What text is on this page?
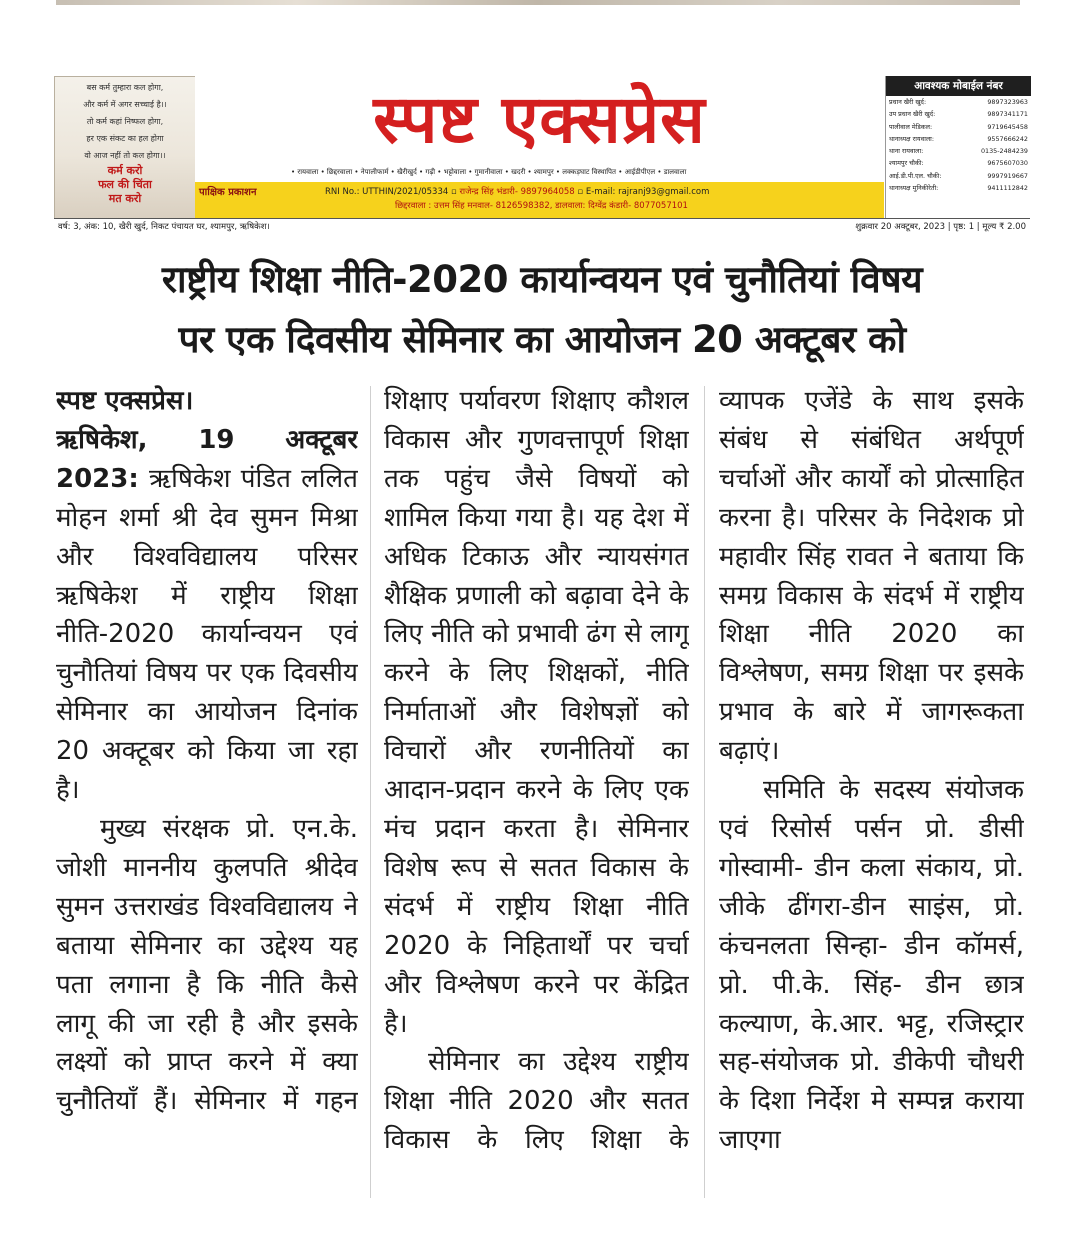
बस कर्म तुम्हारा कल होगा,
और कर्म में अगर सच्चाई है।।
तो कर्म कहां निष्फल होगा,
हर एक संकट का हल होगा
वो आज नहीं तो कल होगा।।
कर्म करो
फल की चिंता
मत करो
स्पष्ट एक्सप्रेस
• रायवाला • छिद्दरवाला • नेपालीफार्म • खैरीखुर्द • गढ़ी • भट्टोवाला • गुमानीवाला • खदरी • श्यामपुर • लक्कड़घाट विस्थापित • आईडीपीएल • डालवाला
पाक्षिक प्रकाशन	RNI No.: UTTHIN/2021/05334 ▫ राजेन्द्र सिंह भंडारी- 9897964058 ▫ E-mail: rajranj93@gmail.com
छिद्दरवाला : उत्तम सिंह मनवाल- 8126598382, डालवाला: दिग्वेंद्र कंडारी- 8077057101
आवश्यक मोबाईल नंबर
प्रधान खैरी खुर्द:	9897323963
उप प्रधान खैरी खुर्द:	9897341171
पालीवाल मेडिकल:	9719645458
थानाध्यक्ष रायवाला:	9557666242
थाना रायवाला:	0135-2484239
श्यामपुर चौकी:	9675607030
आई.डी.पी.एल. चौकी:	9997919667
थानाध्यक्ष मुनिकीरेती:	9411112842
वर्ष: 3, अंक: 10, खैरी खुर्द, निकट पंचायत घर, श्यामपुर, ऋषिकेश।	शुक्रवार 20 अक्टूबर, 2023 | पृष्ठ: 1 | मूल्य ₹ 2.00
राष्ट्रीय शिक्षा नीति-2020 कार्यान्वयन एवं चुनौतियां विषय
पर एक दिवसीय सेमिनार का आयोजन 20 अक्टूबर को

स्पष्ट एक्सप्रेस।

ऋषिकेश, 19 अक्टूबर 2023: ऋषिकेश पंडित ललित मोहन शर्मा श्री देव सुमन मिश्रा और विश्वविद्यालय परिसर ऋषिकेश में राष्ट्रीय शिक्षा नीति-2020 कार्यान्वयन एवं चुनौतियां विषय पर एक दिवसीय सेमिनार का आयोजन दिनांक 20 अक्टूबर को किया जा रहा है।

मुख्य संरक्षक प्रो. एन.के. जोशी माननीय कुलपति श्रीदेव सुमन उत्तराखंड विश्वविद्यालय ने बताया सेमिनार का उद्देश्य यह पता लगाना है कि नीति कैसे लागू की जा रही है और इसके लक्ष्यों को प्राप्त करने में क्या चुनौतियाँ हैं। सेमिनार में गहन

शिक्षाए पर्यावरण शिक्षाए कौशल विकास और गुणवत्तापूर्ण शिक्षा तक पहुंच जैसे विषयों को शामिल किया गया है। यह देश में अधिक टिकाऊ और न्यायसंगत शैक्षिक प्रणाली को बढ़ावा देने के लिए नीति को प्रभावी ढंग से लागू करने के लिए शिक्षकों, नीति निर्माताओं और विशेषज्ञों को विचारों और रणनीतियों का आदान-प्रदान करने के लिए एक मंच प्रदान करता है। सेमिनार विशेष रूप से सतत विकास के संदर्भ में राष्ट्रीय शिक्षा नीति 2020 के निहितार्थों पर चर्चा और विश्लेषण करने पर केंद्रित है।

सेमिनार का उद्देश्य राष्ट्रीय शिक्षा नीति 2020 और सतत विकास के लिए शिक्षा के

व्यापक एजेंडे के साथ इसके संबंध से संबंधित अर्थपूर्ण चर्चाओं और कार्यों को प्रोत्साहित करना है। परिसर के निदेशक प्रो महावीर सिंह रावत ने बताया कि समग्र विकास के संदर्भ में राष्ट्रीय शिक्षा नीति 2020 का विश्लेषण, समग्र शिक्षा पर इसके प्रभाव के बारे में जागरूकता बढ़ाएं।

समिति के सदस्य संयोजक एवं रिसोर्स पर्सन प्रो. डीसी गोस्वामी- डीन कला संकाय, प्रो. जीके ढींगरा-डीन साइंस, प्रो. कंचनलता सिन्हा- डीन कॉमर्स, प्रो. पी.के. सिंह- डीन छात्र कल्याण, के.आर. भट्ट, रजिस्ट्रार सह-संयोजक प्रो. डीकेपी चौधरी के दिशा निर्देश मे सम्पन्न कराया जाएगा
